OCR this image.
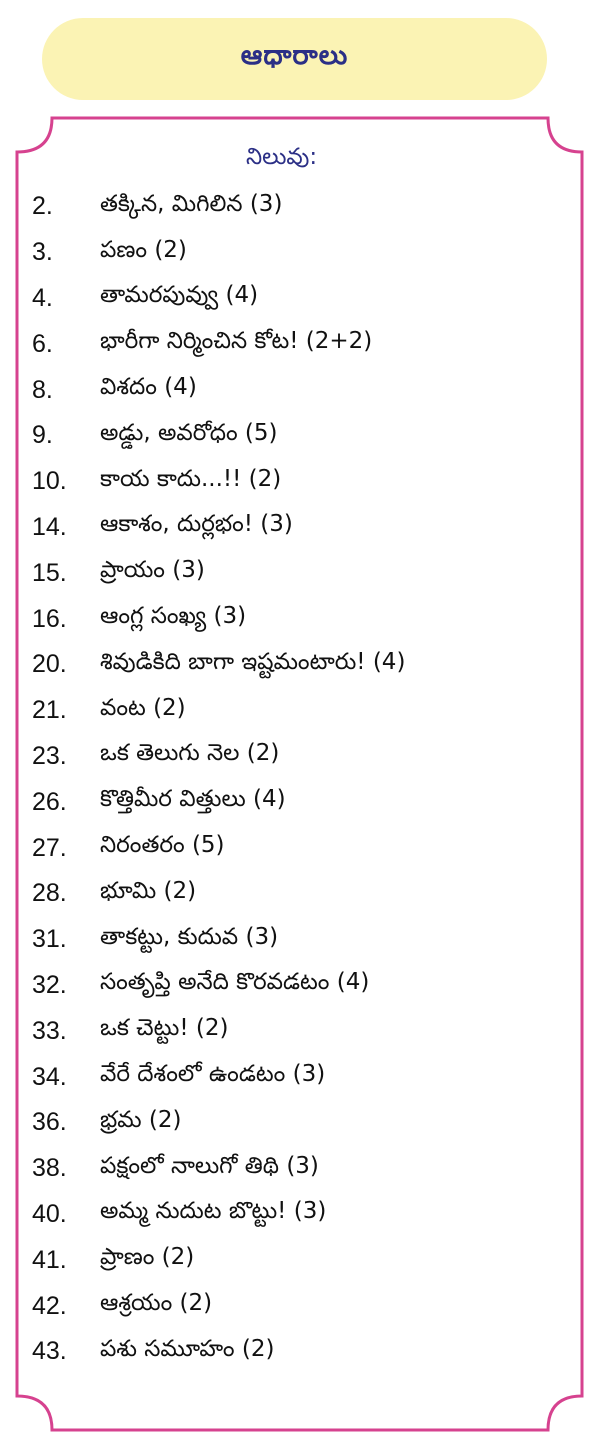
ఆధారాలు
నిలువు:
2.	తక్కిన, మిగిలిన (3)
3.	పణం (2)
4.	తామరపువ్వు (4)
6.	భారీగా నిర్మించిన కోట! (2+2)
8.	విశదం (4)
9.	అడ్డు, అవరోధం (5)
10.	కాయ కాదు...!! (2)
14.	ఆకాశం, దుర్లభం! (3)
15.	ప్రాయం (3)
16.	ఆంగ్ల సంఖ్య (3)
20.	శివుడికిది బాగా ఇష్టమంటారు! (4)
21.	వంట (2)
23.	ఒక తెలుగు నెల (2)
26.	కొత్తిమీర విత్తులు (4)
27.	నిరంతరం (5)
28.	భూమి (2)
31.	తాకట్టు, కుదువ (3)
32.	సంతృప్తి అనేది కొరవడటం (4)
33.	ఒక చెట్టు! (2)
34.	వేరే దేశంలో ఉండటం (3)
36.	భ్రమ (2)
38.	పక్షంలో నాలుగో తిథి (3)
40.	అమ్మ నుదుట బొట్టు! (3)
41.	ప్రాణం (2)
42.	ఆశ్రయం (2)
43.	పశు సమూహం (2)
